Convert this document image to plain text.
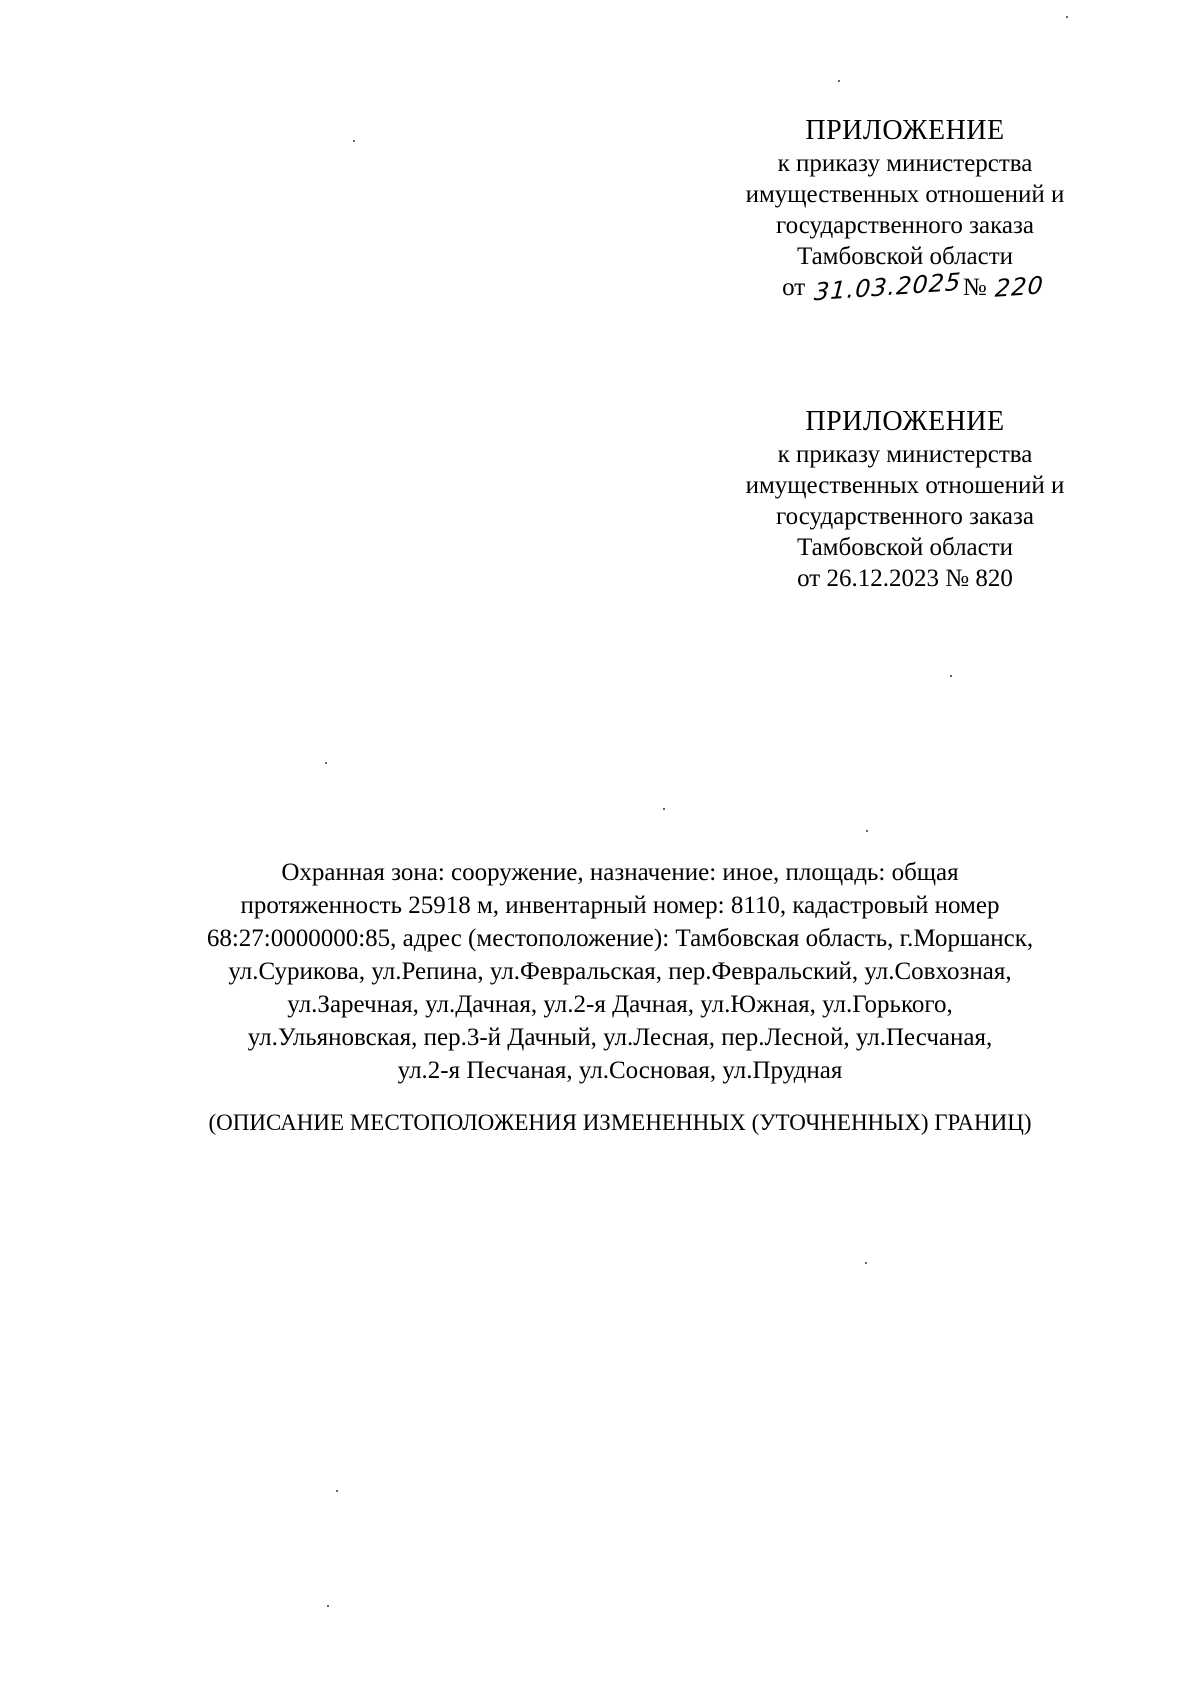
ПРИЛОЖЕНИЕ
к приказу министерства
имущественных отношений и
государственного заказа
Тамбовской области
от 31.03.2025№ 220
ПРИЛОЖЕНИЕ
к приказу министерства
имущественных отношений и
государственного заказа
Тамбовской области
от 26.12.2023 № 820
Охранная зона: сооружение, назначение: иное, площадь: общая
протяженность 25918 м, инвентарный номер: 8110, кадастровый номер
68:27:0000000:85, адрес (местоположение): Тамбовская область, г.Моршанск,
ул.Сурикова, ул.Репина, ул.Февральская, пер.Февральский, ул.Совхозная,
ул.Заречная, ул.Дачная, ул.2-я Дачная, ул.Южная, ул.Горького,
ул.Ульяновская, пер.3-й Дачный, ул.Лесная, пер.Лесной, ул.Песчаная,
ул.2-я Песчаная, ул.Сосновая, ул.Прудная
(ОПИСАНИЕ МЕСТОПОЛОЖЕНИЯ ИЗМЕНЕННЫХ (УТОЧНЕННЫХ) ГРАНИЦ)
